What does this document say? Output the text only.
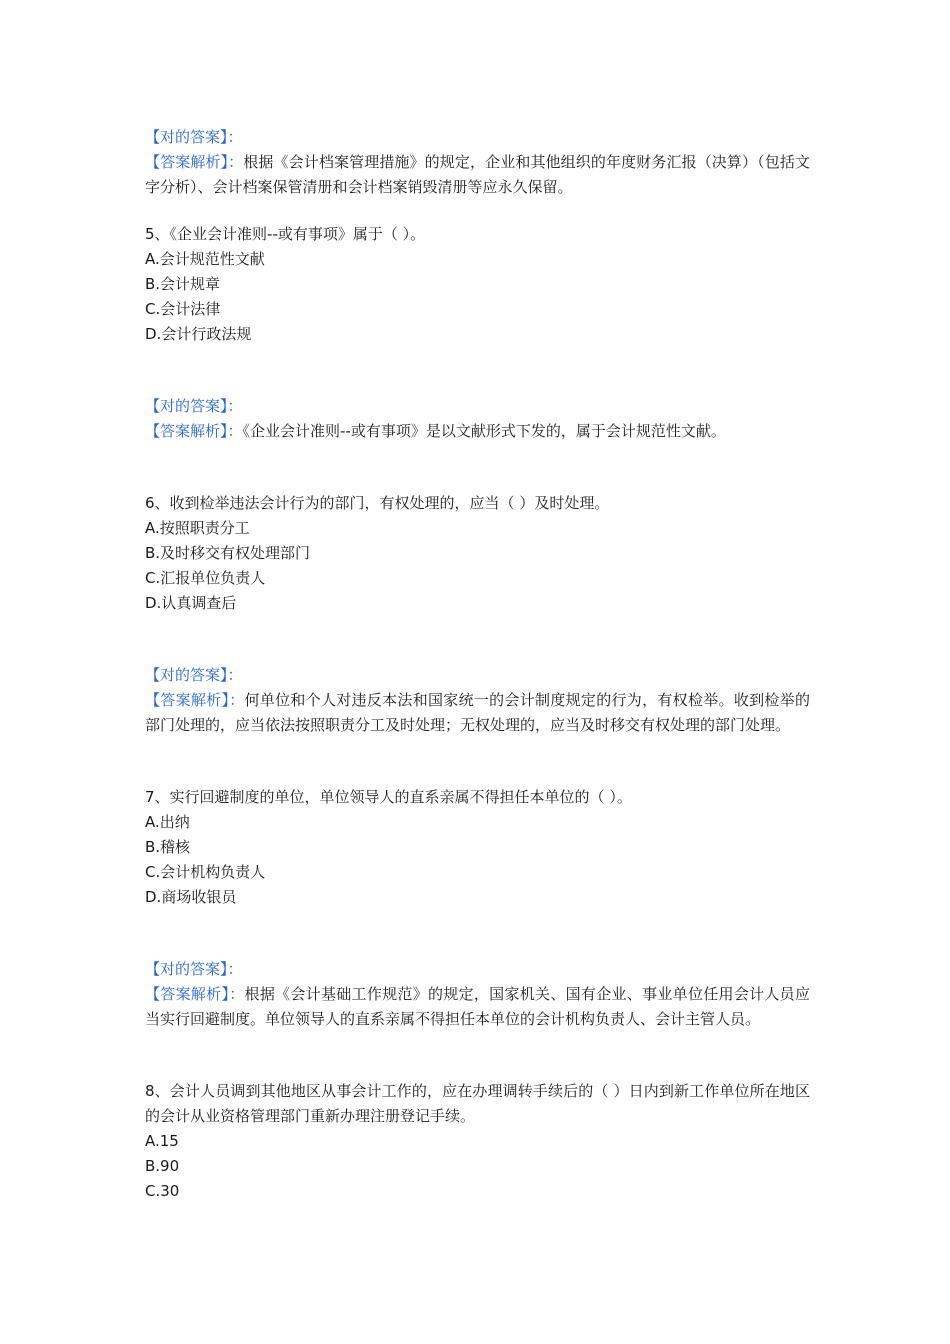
【对的答案】：
【答案解析】：根据《会计档案管理措施》的规定，企业和其他组织的年度财务汇报（决算）（包括文字分析）、会计档案保管清册和会计档案销毁清册等应永久保留。
5、《企业会计准则--或有事项》属于（ ）。
A.会计规范性文献
B.会计规章
C.会计法律
D.会计行政法规
【对的答案】：
【答案解析】：《企业会计准则--或有事项》是以文献形式下发的，属于会计规范性文献。
6、收到检举违法会计行为的部门，有权处理的，应当（ ）及时处理。
A.按照职责分工
B.及时移交有权处理部门
C.汇报单位负责人
D.认真调查后
【对的答案】：
【答案解析】：何单位和个人对违反本法和国家统一的会计制度规定的行为，有权检举。收到检举的部门处理的，应当依法按照职责分工及时处理；无权处理的，应当及时移交有权处理的部门处理。
7、实行回避制度的单位，单位领导人的直系亲属不得担任本单位的（ ）。
A.出纳
B.稽核
C.会计机构负责人
D.商场收银员
【对的答案】：
【答案解析】：根据《会计基础工作规范》的规定，国家机关、国有企业、事业单位任用会计人员应当实行回避制度。单位领导人的直系亲属不得担任本单位的会计机构负责人、会计主管人员。
8、会计人员调到其他地区从事会计工作的，应在办理调转手续后的（ ）日内到新工作单位所在地区的会计从业资格管理部门重新办理注册登记手续。
A.15
B.90
C.30
